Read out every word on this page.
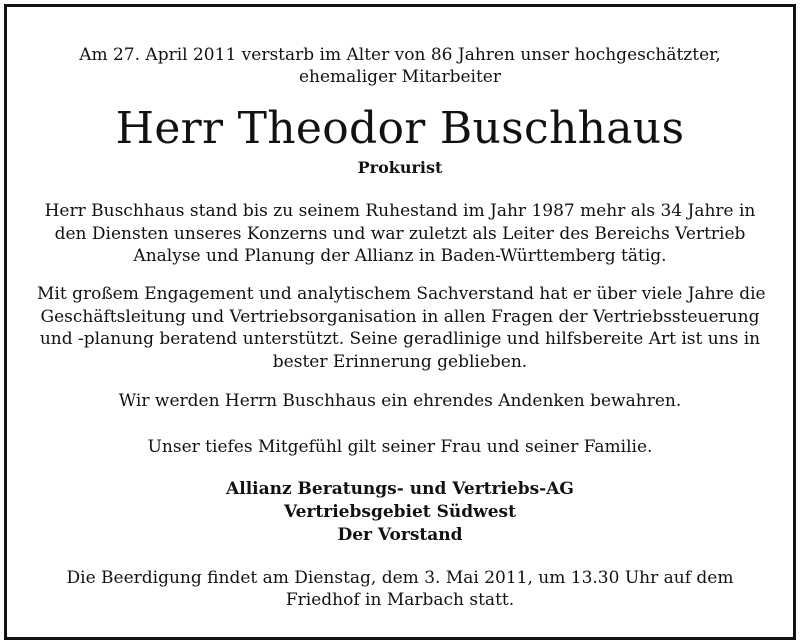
Am 27. April 2011 verstarb im Alter von 86 Jahren unser hochgeschätzter,
ehemaliger Mitarbeiter
Herr Theodor Buschhaus
Prokurist
Herr Buschhaus stand bis zu seinem Ruhestand im Jahr 1987 mehr als 34 Jahre in
den Diensten unseres Konzerns und war zuletzt als Leiter des Bereichs Vertrieb
Analyse und Planung der Allianz in Baden-Württemberg tätig.
Mit großem Engagement und analytischem Sachverstand hat er über viele Jahre die
Geschäftsleitung und Vertriebsorganisation in allen Fragen der Vertriebssteuerung
und -planung beratend unterstützt. Seine geradlinige und hilfsbereite Art ist uns in
bester Erinnerung geblieben.
Wir werden Herrn Buschhaus ein ehrendes Andenken bewahren.
Unser tiefes Mitgefühl gilt seiner Frau und seiner Familie.
Allianz Beratungs- und Vertriebs-AG
Vertriebsgebiet Südwest
Der Vorstand
Die Beerdigung findet am Dienstag, dem 3. Mai 2011, um 13.30 Uhr auf dem
Friedhof in Marbach statt.
